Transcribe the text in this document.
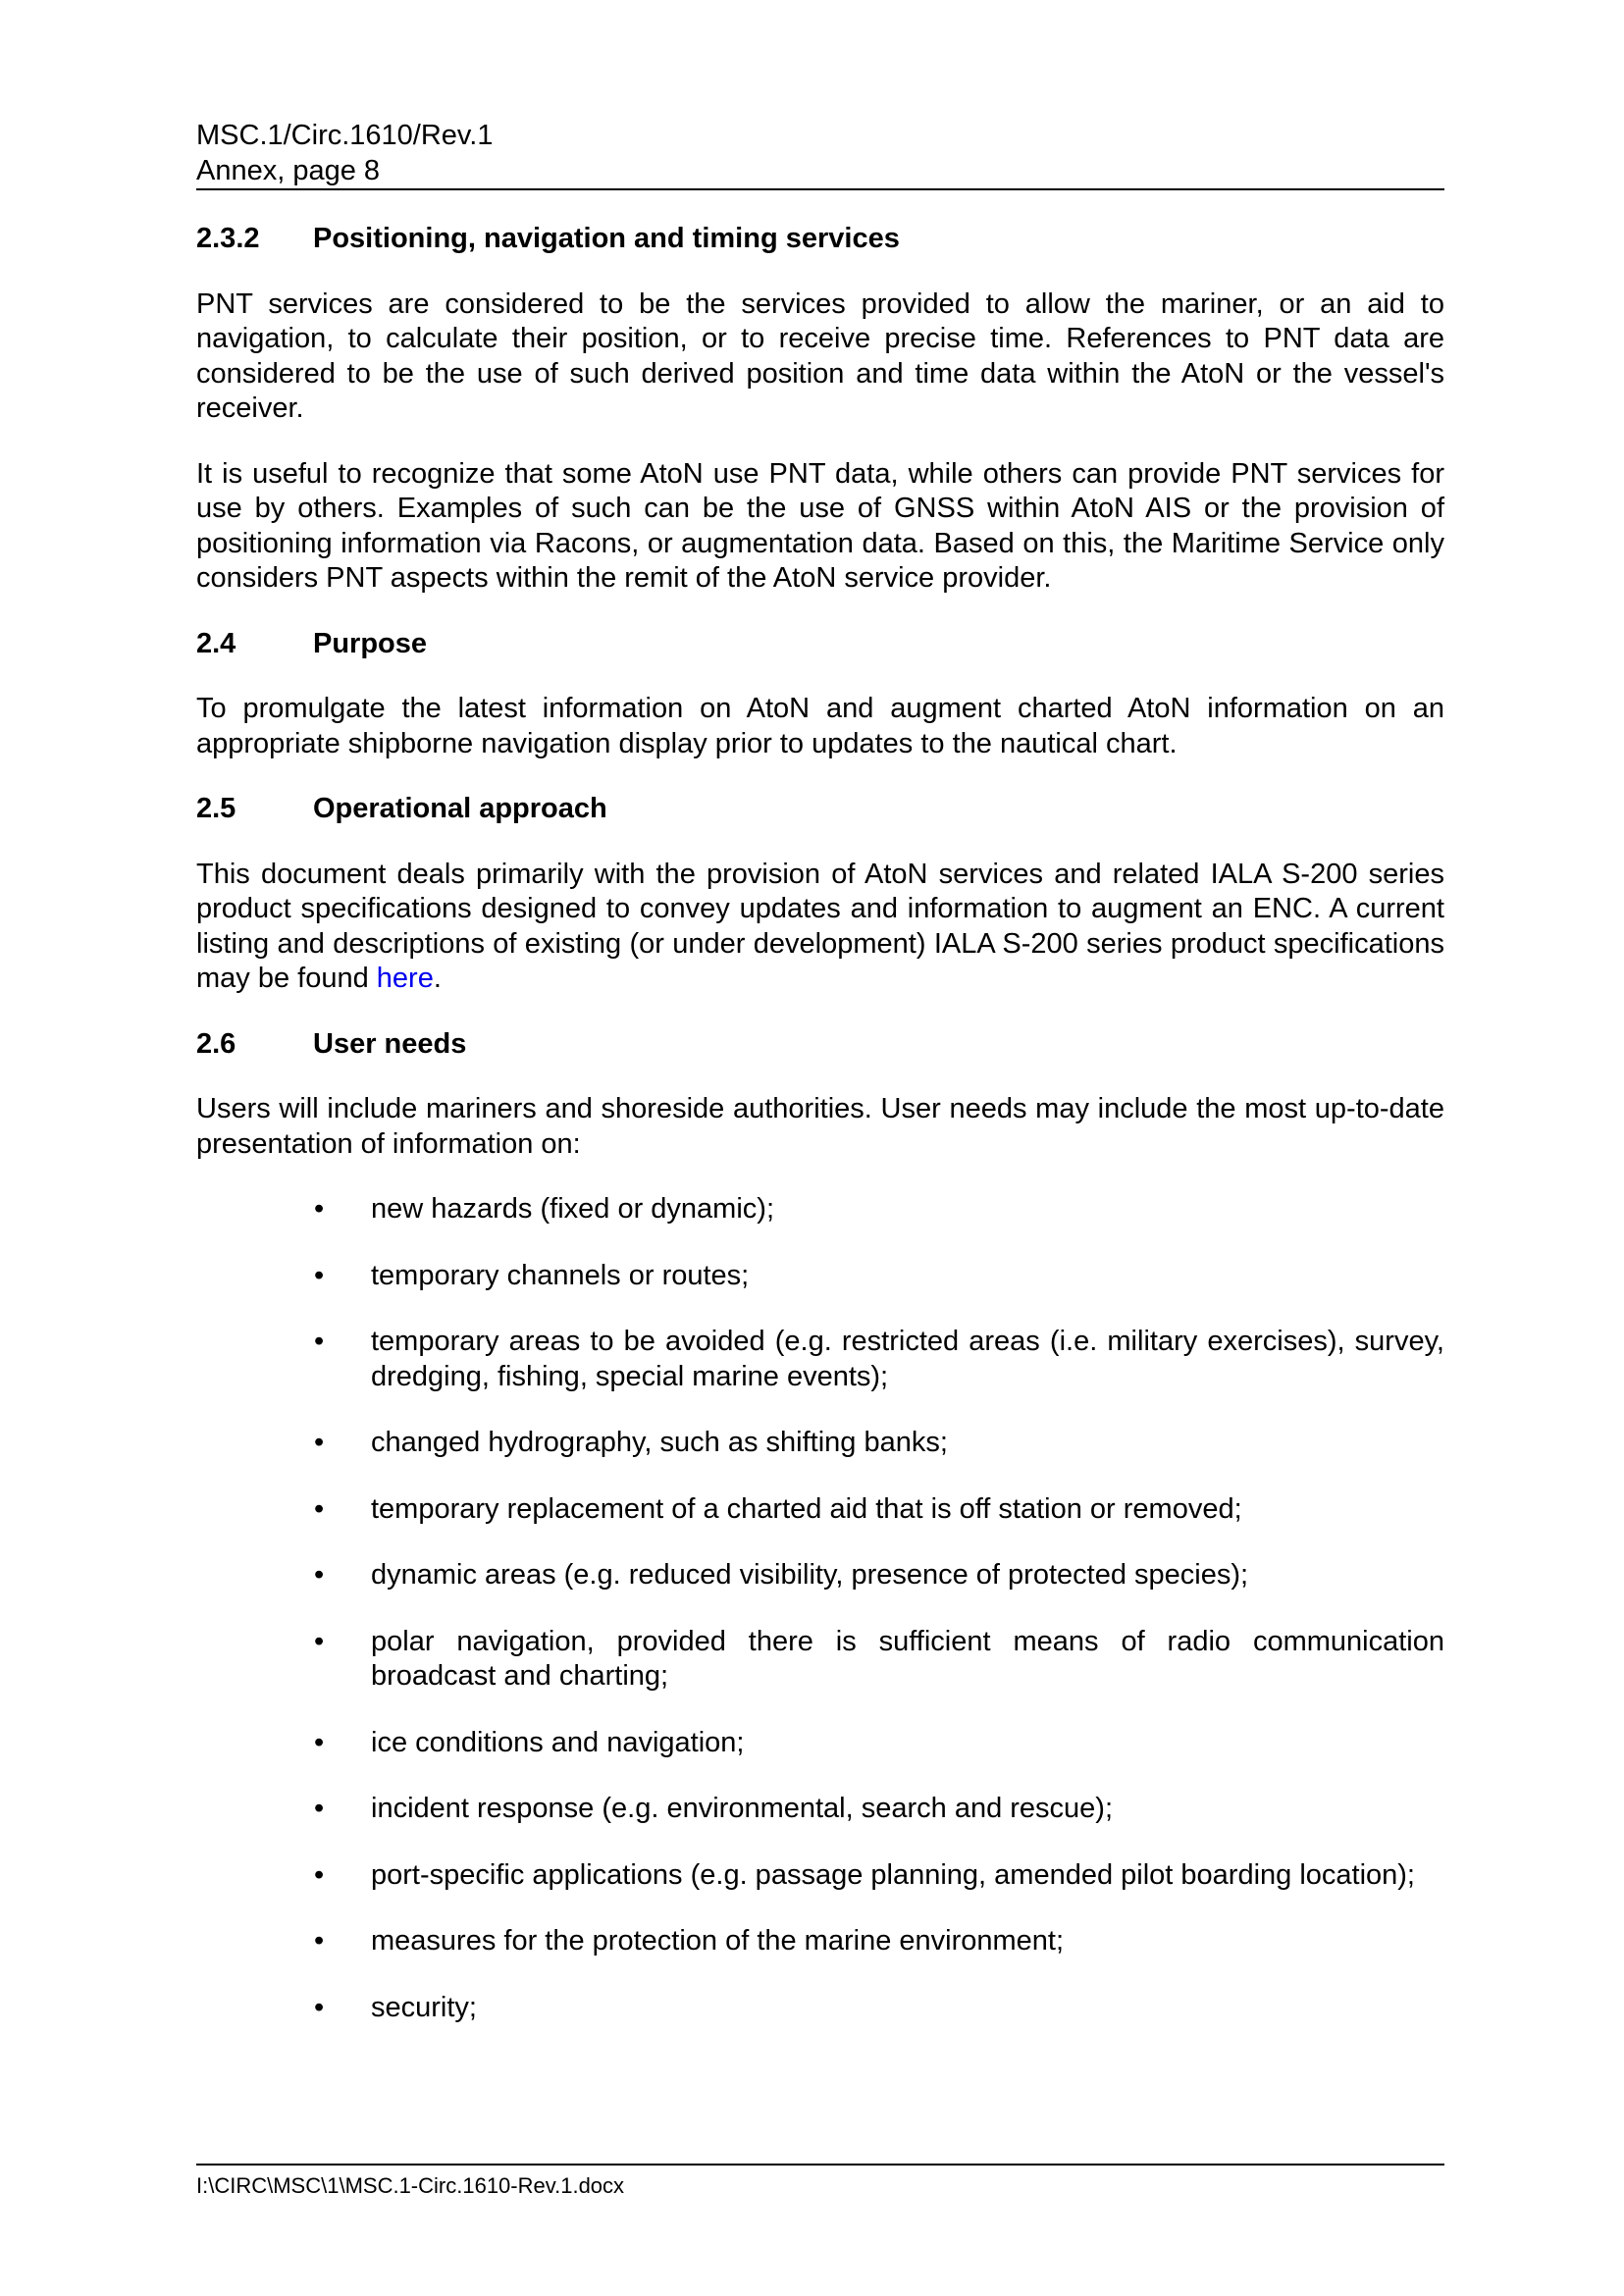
MSC.1/Circ.1610/Rev.1
Annex, page 8
2.3.2	Positioning, navigation and timing services

PNT services are considered to be the services provided to allow the mariner, or an aid to navigation, to calculate their position, or to receive precise time. References to PNT data are considered to be the use of such derived position and time data within the AtoN or the vessel's receiver.

It is useful to recognize that some AtoN use PNT data, while others can provide PNT services for use by others. Examples of such can be the use of GNSS within AtoN AIS or the provision of positioning information via Racons, or augmentation data. Based on this, the Maritime Service only considers PNT aspects within the remit of the AtoN service provider.

2.4	Purpose

To promulgate the latest information on AtoN and augment charted AtoN information on an appropriate shipborne navigation display prior to updates to the nautical chart.

2.5	Operational approach

This document deals primarily with the provision of AtoN services and related IALA S-200 series product specifications designed to convey updates and information to augment an ENC. A current listing and descriptions of existing (or under development) IALA S-200 series product specifications may be found here.

2.6	User needs

Users will include mariners and shoreside authorities. User needs may include the most up-to-date presentation of information on:

•	new hazards (fixed or dynamic);
•	temporary channels or routes;
•	temporary areas to be avoided (e.g. restricted areas (i.e. military exercises), survey, dredging, fishing, special marine events);
•	changed hydrography, such as shifting banks;
•	temporary replacement of a charted aid that is off station or removed;
•	dynamic areas (e.g. reduced visibility, presence of protected species);
•	polar navigation, provided there is sufficient means of radio communication broadcast and charting;
•	ice conditions and navigation;
•	incident response (e.g. environmental, search and rescue);
•	port-specific applications (e.g. passage planning, amended pilot boarding location);
•	measures for the protection of the marine environment;
•	security;
I:\CIRC\MSC\1\MSC.1-Circ.1610-Rev.1.docx
